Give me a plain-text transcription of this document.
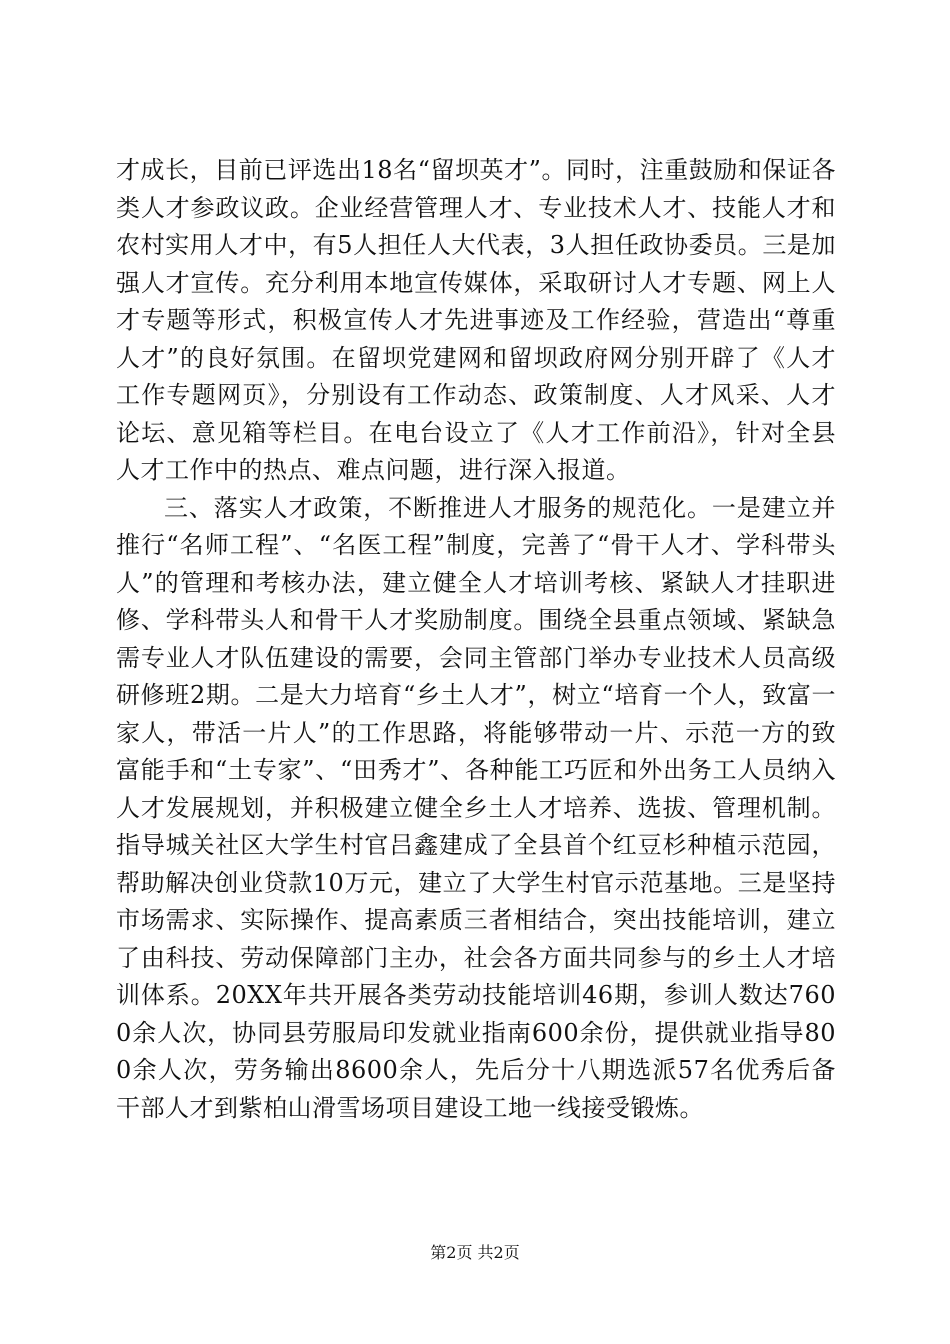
才成长，目前已评选出18名“留坝英才”。同时，注重鼓励和保证各类人才参政议政。企业经营管理人才、专业技术人才、技能人才和农村实用人才中，有5人担任人大代表，3人担任政协委员。三是加强人才宣传。充分利用本地宣传媒体，采取研讨人才专题、网上人才专题等形式，积极宣传人才先进事迹及工作经验，营造出“尊重人才”的良好氛围。在留坝党建网和留坝政府网分别开辟了《人才工作专题网页》，分别设有工作动态、政策制度、人才风采、人才论坛、意见箱等栏目。在电台设立了《人才工作前沿》，针对全县人才工作中的热点、难点问题，进行深入报道。

三、落实人才政策，不断推进人才服务的规范化。一是建立并推行“名师工程”、“名医工程”制度，完善了“骨干人才、学科带头人”的管理和考核办法，建立健全人才培训考核、紧缺人才挂职进修、学科带头人和骨干人才奖励制度。围绕全县重点领域、紧缺急需专业人才队伍建设的需要，会同主管部门举办专业技术人员高级研修班2期。二是大力培育“乡土人才”，树立“培育一个人，致富一家人，带活一片人”的工作思路，将能够带动一片、示范一方的致富能手和“土专家”、“田秀才”、各种能工巧匠和外出务工人员纳入人才发展规划，并积极建立健全乡土人才培养、选拔、管理机制。指导城关社区大学生村官吕鑫建成了全县首个红豆杉种植示范园，帮助解决创业贷款10万元，建立了大学生村官示范基地。三是坚持市场需求、实际操作、提高素质三者相结合，突出技能培训，建立了由科技、劳动保障部门主办，社会各方面共同参与的乡土人才培训体系。20XX年共开展各类劳动技能培训46期，参训人数达7600余人次，协同县劳服局印发就业指南600余份，提供就业指导800余人次，劳务输出8600余人，先后分十八期选派57名优秀后备干部人才到紫柏山滑雪场项目建设工地一线接受锻炼。

第2页 共2页
